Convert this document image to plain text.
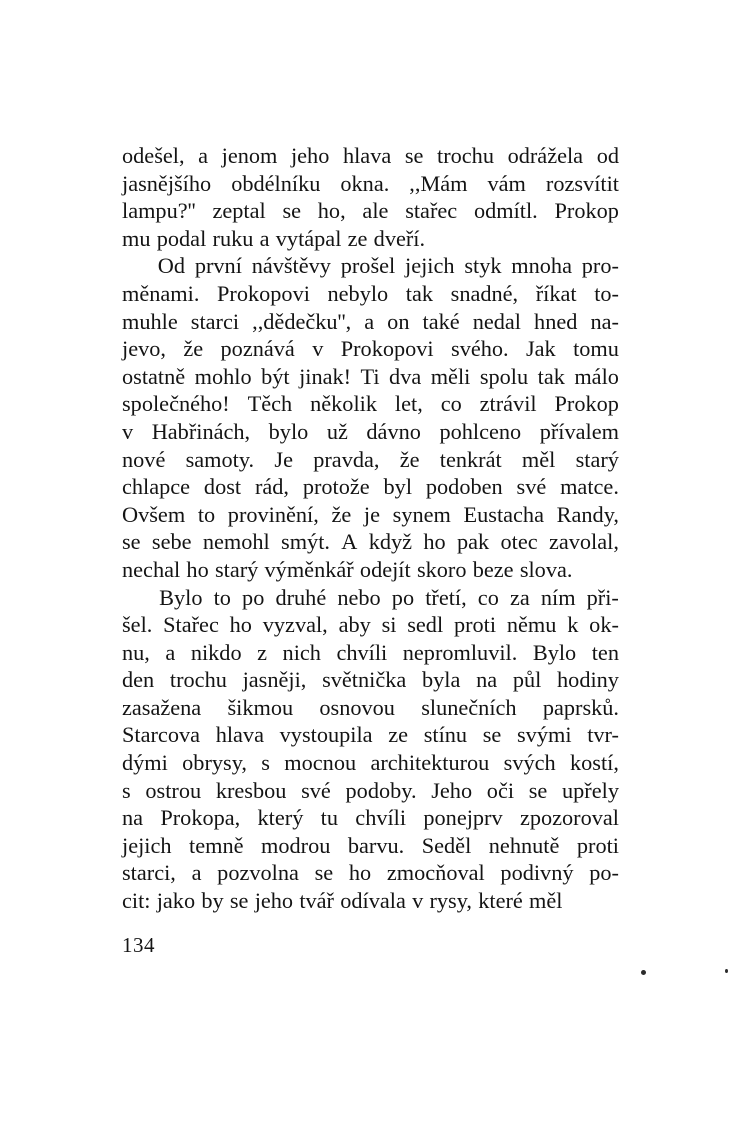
odešel, a jenom jeho hlava se trochu odrážela od
jasnějšího obdélníku okna. ,,Mám vám rozsvítit
lampu?'' zeptal se ho, ale stařec odmítl. Prokop
mu podal ruku a vytápal ze dveří.
Od první návštěvy prošel jejich styk mnoha pro-
měnami. Prokopovi nebylo tak snadné, říkat to-
muhle starci ,,dědečku'', a on také nedal hned na-
jevo, že poznává v Prokopovi svého. Jak tomu
ostatně mohlo být jinak! Ti dva měli spolu tak málo
společného! Těch několik let, co ztrávil Prokop
v Habřinách, bylo už dávno pohlceno přívalem
nové samoty. Je pravda, že tenkrát měl starý
chlapce dost rád, protože byl podoben své matce.
Ovšem to provinění, že je synem Eustacha Randy,
se sebe nemohl smýt. A když ho pak otec zavolal,
nechal ho starý výměnkář odejít skoro beze slova.
Bylo to po druhé nebo po třetí, co za ním při-
šel. Stařec ho vyzval, aby si sedl proti němu k ok-
nu, a nikdo z nich chvíli nepromluvil. Bylo ten
den trochu jasněji, světnička byla na půl hodiny
zasažena šikmou osnovou slunečních paprsků.
Starcova hlava vystoupila ze stínu se svými tvr-
dými obrysy, s mocnou architekturou svých kostí,
s ostrou kresbou své podoby. Jeho oči se upřely
na Prokopa, který tu chvíli ponejprv zpozoroval
jejich temně modrou barvu. Seděl nehnutě proti
starci, a pozvolna se ho zmocňoval podivný po-
cit: jako by se jeho tvář odívala v rysy, které měl
134
